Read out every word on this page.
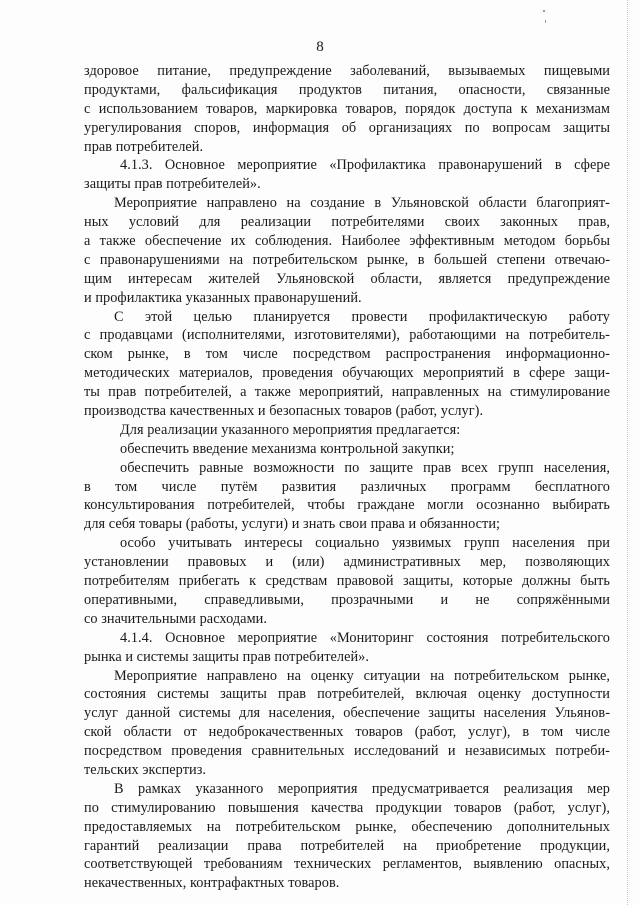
8
здоровое питание, предупреждение заболеваний, вызываемых пищевыми
продуктами, фальсификация продуктов питания, опасности, связанные
с использованием товаров, маркировка товаров, порядок доступа к механизмам
урегулирования споров, информация об организациях по вопросам защиты
прав потребителей.
4.1.3. Основное мероприятие «Профилактика правонарушений в сфере
защиты прав потребителей».
Мероприятие направлено на создание в Ульяновской области благоприят-
ных условий для реализации потребителями своих законных прав,
а также обеспечение их соблюдения. Наиболее эффективным методом борьбы
с правонарушениями на потребительском рынке, в большей степени отвечаю-
щим интересам жителей Ульяновской области, является предупреждение
и профилактика указанных правонарушений.
С этой целью планируется провести профилактическую работу
с продавцами (исполнителями, изготовителями), работающими на потребитель-
ском рынке, в том числе посредством распространения информационно-
методических материалов, проведения обучающих мероприятий в сфере защи-
ты прав потребителей, а также мероприятий, направленных на стимулирование
производства качественных и безопасных товаров (работ, услуг).
Для реализации указанного мероприятия предлагается:
обеспечить введение механизма контрольной закупки;
обеспечить равные возможности по защите прав всех групп населения,
в том числе путём развития различных программ бесплатного
консультирования потребителей, чтобы граждане могли осознанно выбирать
для себя товары (работы, услуги) и знать свои права и обязанности;
особо учитывать интересы социально уязвимых групп населения при
установлении правовых и (или) административных мер, позволяющих
потребителям прибегать к средствам правовой защиты, которые должны быть
оперативными, справедливыми, прозрачными и не сопряжёнными
со значительными расходами.
4.1.4. Основное мероприятие «Мониторинг состояния потребительского
рынка и системы защиты прав потребителей».
Мероприятие направлено на оценку ситуации на потребительском рынке,
состояния системы защиты прав потребителей, включая оценку доступности
услуг данной системы для населения, обеспечение защиты населения Ульянов-
ской области от недоброкачественных товаров (работ, услуг), в том числе
посредством проведения сравнительных исследований и независимых потреби-
тельских экспертиз.
В рамках указанного мероприятия предусматривается реализация мер
по стимулированию повышения качества продукции товаров (работ, услуг),
предоставляемых на потребительском рынке, обеспечению дополнительных
гарантий реализации права потребителей на приобретение продукции,
соответствующей требованиям технических регламентов, выявлению опасных,
некачественных, контрафактных товаров.
